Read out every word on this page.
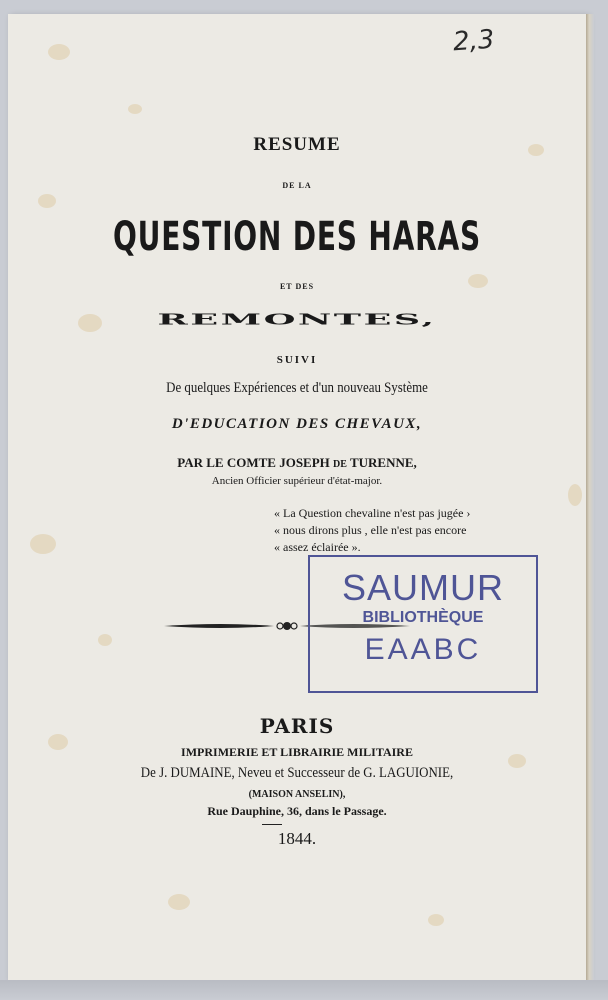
RESUME
DE LA
QUESTION DES HARAS
ET DES
REMONTES,
SUIVI
De quelques Expériences et d'un nouveau Système
D'EDUCATION DES CHEVAUX,
PAR LE COMTE JOSEPH DE TURENNE,
Ancien Officier supérieur d'état-major.
« La Question chevaline n'est pas jugée ›
« nous dirons plus , elle n'est pas encore
« assez éclairée ».
SAUMUR
BIBLIOTHÈQUE
EAABC
PARIS
IMPRIMERIE ET LIBRAIRIE MILITAIRE
De J. DUMAINE, Neveu et Successeur de G. LAGUIONIE,
(MAISON ANSELIN),
Rue Dauphine, 36, dans le Passage.
1844.
2,3
